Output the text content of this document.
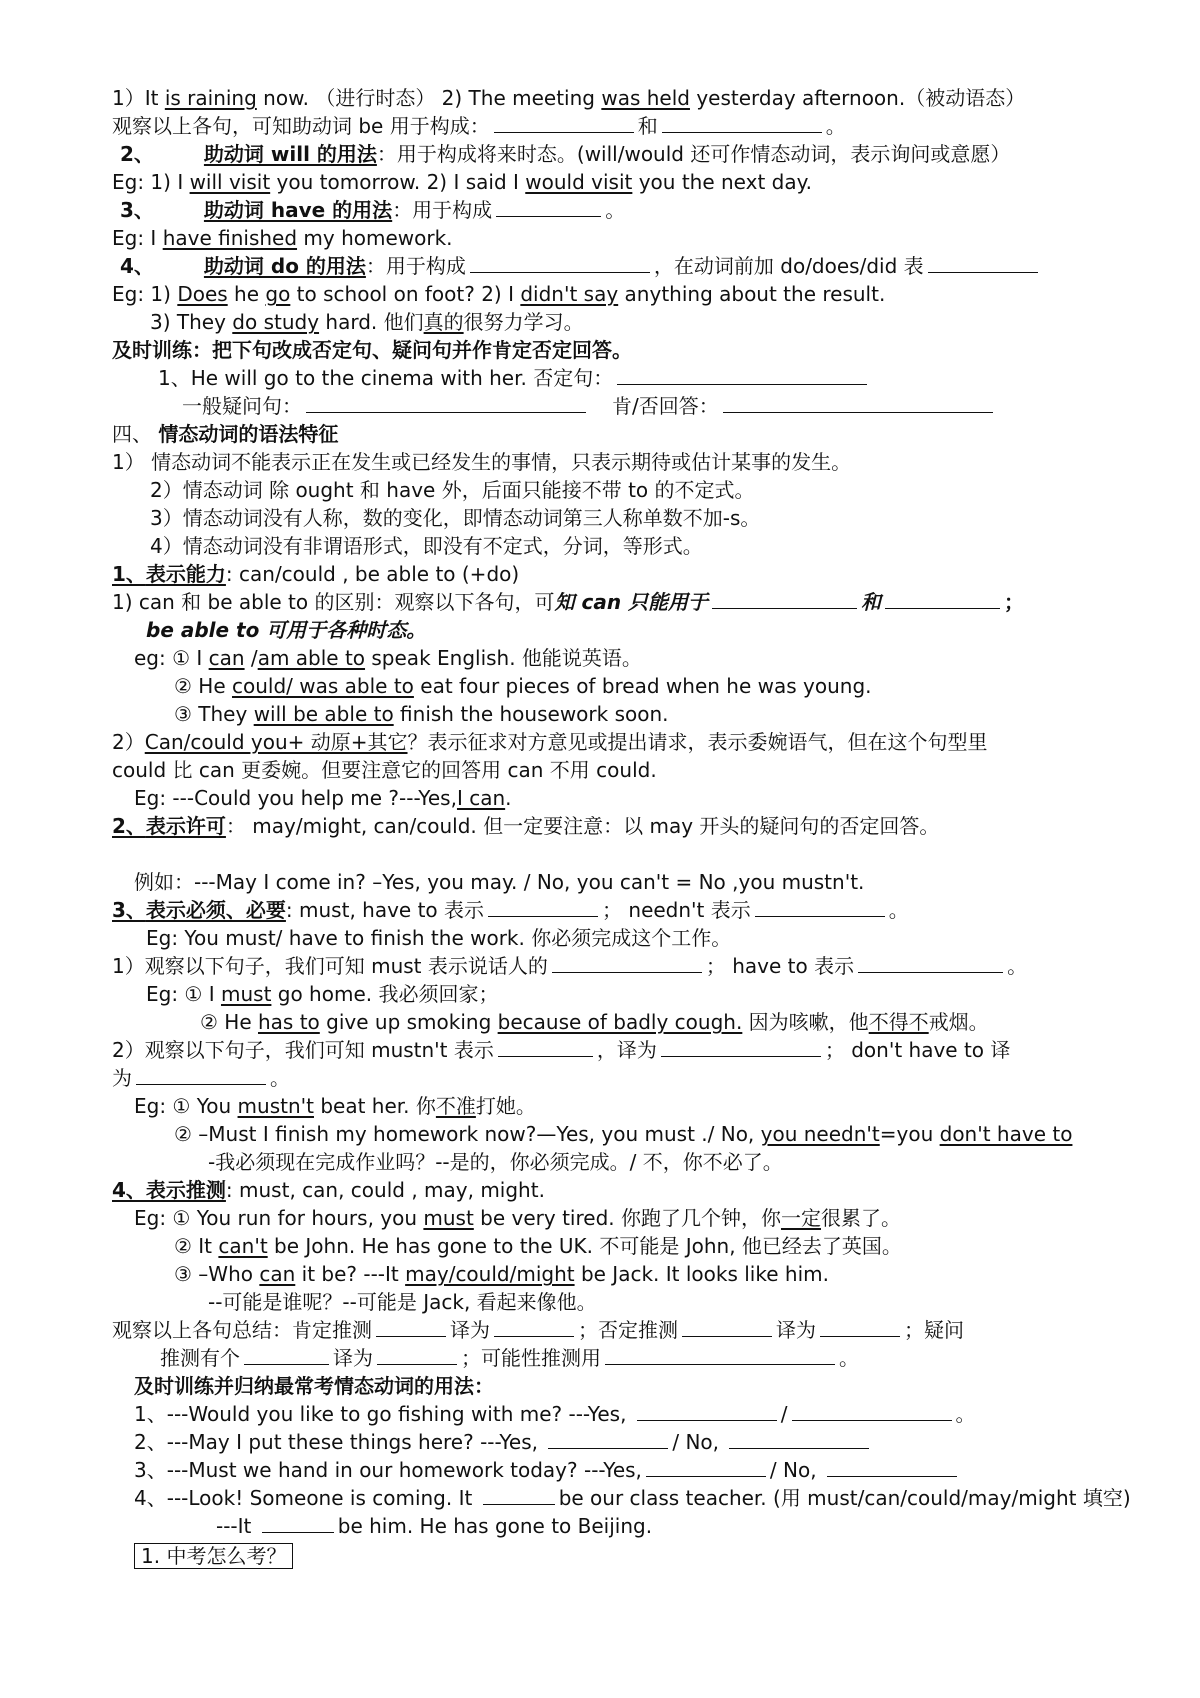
1）It is raining now. （进行时态） 2) The meeting was held yesterday afternoon.（被动语态）
观察以上各句，可知助动词 be 用于构成：	和	。
2、	助动词 will 的用法：用于构成将来时态。(will/would 还可作情态动词，表示询问或意愿）
Eg: 1) I will visit you tomorrow. 2) I said I would visit you the next day.
3、	助动词 have 的用法：用于构成	。
Eg: I have finished my homework.
4、	助动词 do 的用法：用于构成	，在动词前加 do/does/did 表
Eg: 1) Does he go to school on foot? 2) I didn't say anything about the result.
3) They do study hard. 他们真的很努力学习。
及时训练：把下句改成否定句、疑问句并作肯定否定回答。
1、He will go to the cinema with her. 否定句：
一般疑问句：	肯/否回答：
四、 情态动词的语法特征
1） 情态动词不能表示正在发生或已经发生的事情，只表示期待或估计某事的发生。
2）情态动词 除 ought 和 have 外，后面只能接不带 to 的不定式。
3）情态动词没有人称，数的变化，即情态动词第三人称单数不加-s。
4）情态动词没有非谓语形式，即没有不定式，分词，等形式。
1、表示能力: can/could , be able to (+do)
1) can 和 be able to 的区别：观察以下各句，可知 can 只能用于	和	；
be able to 可用于各种时态。
eg: ① I can /am able to speak English. 他能说英语。
② He could/ was able to eat four pieces of bread when he was young.
③ They will be able to finish the housework soon.
2）Can/could you+ 动原+其它？表示征求对方意见或提出请求，表示委婉语气，但在这个句型里
could 比 can 更委婉。但要注意它的回答用 can 不用 could.
Eg: ---Could you help me ?---Yes,I can.
2、表示许可： may/might, can/could. 但一定要注意：以 may 开头的疑问句的否定回答。
例如：---May I come in? –Yes, you may. / No, you can't = No ,you mustn't.
3、表示必须、必要: must, have to 表示	； needn't 表示	。
Eg: You must/ have to finish the work. 你必须完成这个工作。
1）观察以下句子，我们可知 must 表示说话人的	； have to 表示	。
Eg: ① I must go home. 我必须回家；
② He has to give up smoking because of badly cough. 因为咳嗽，他不得不戒烟。
2）观察以下句子，我们可知 mustn't 表示	，译为	； don't have to 译
为	。
Eg: ① You mustn't beat her. 你不准打她。
② –Must I finish my homework now?—Yes, you must ./ No, you needn't=you don't have to
-我必须现在完成作业吗？--是的，你必须完成。/ 不，你不必了。
4、表示推测: must, can, could , may, might.
Eg: ① You run for hours, you must be very tired. 你跑了几个钟，你一定很累了。
② It can't be John. He has gone to the UK. 不可能是 John, 他已经去了英国。
③ –Who can it be? ---It may/could/might be Jack. It looks like him.
--可能是谁呢？--可能是 Jack, 看起来像他。
观察以上各句总结：肯定推测	译为	；否定推测	译为	；疑问
推测有个	译为	；可能性推测用	。
及时训练并归纳最常考情态动词的用法：
1、---Would you like to go fishing with me? ---Yes,	/	。
2、---May I put these things here? ---Yes,	/ No,
3、---Must we hand in our homework today? ---Yes,	/ No,
4、---Look! Someone is coming. It	be our class teacher. (用 must/can/could/may/might 填空)
---It	be him. He has gone to Beijing.
1. 中考怎么考？
